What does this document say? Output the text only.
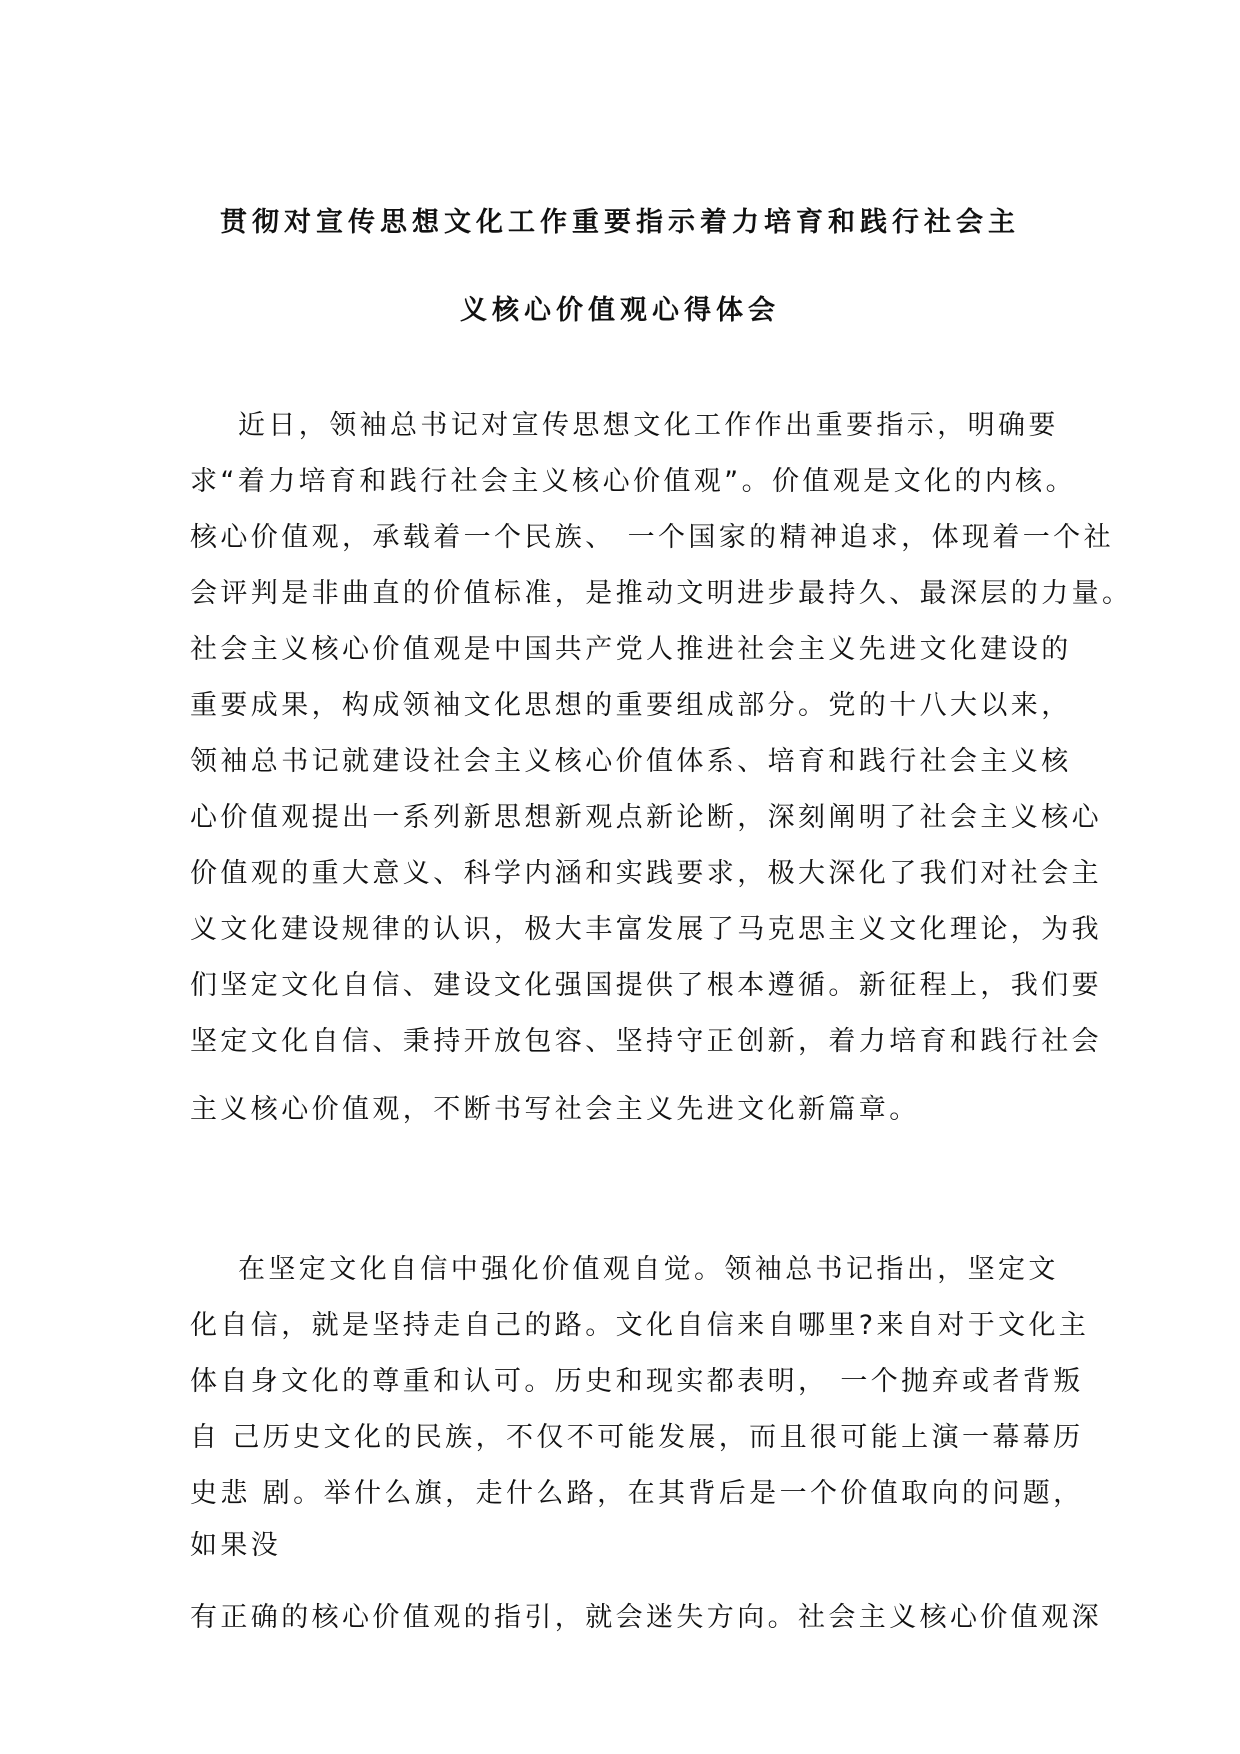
贯彻对宣传思想文化工作重要指示着力培育和践行社会主
义核心价值观心得体会
近日，领袖总书记对宣传思想文化工作作出重要指示，明确要
求“着力培育和践行社会主义核心价值观”。价值观是文化的内核。
核心价值观，承载着一个民族、 一个国家的精神追求，体现着一个社
会评判是非曲直的价值标准，是推动文明进步最持久、最深层的力量。
社会主义核心价值观是中国共产党人推进社会主义先进文化建设的
重要成果，构成领袖文化思想的重要组成部分。党的十八大以来，
领袖总书记就建设社会主义核心价值体系、培育和践行社会主义核
心价值观提出一系列新思想新观点新论断，深刻阐明了社会主义核心
价值观的重大意义、科学内涵和实践要求，极大深化了我们对社会主
义文化建设规律的认识，极大丰富发展了马克思主义文化理论，为我
们坚定文化自信、建设文化强国提供了根本遵循。新征程上，我们要
坚定文化自信、秉持开放包容、坚持守正创新，着力培育和践行社会
主义核心价值观，不断书写社会主义先进文化新篇章。
在坚定文化自信中强化价值观自觉。领袖总书记指出，坚定文
化自信，就是坚持走自己的路。文化自信来自哪里?来自对于文化主
体自身文化的尊重和认可。历史和现实都表明， 一个抛弃或者背叛
自 己历史文化的民族，不仅不可能发展，而且很可能上演一幕幕历
史悲 剧。举什么旗，走什么路，在其背后是一个价值取向的问题，
如果没
有正确的核心价值观的指引，就会迷失方向。社会主义核心价值观深
